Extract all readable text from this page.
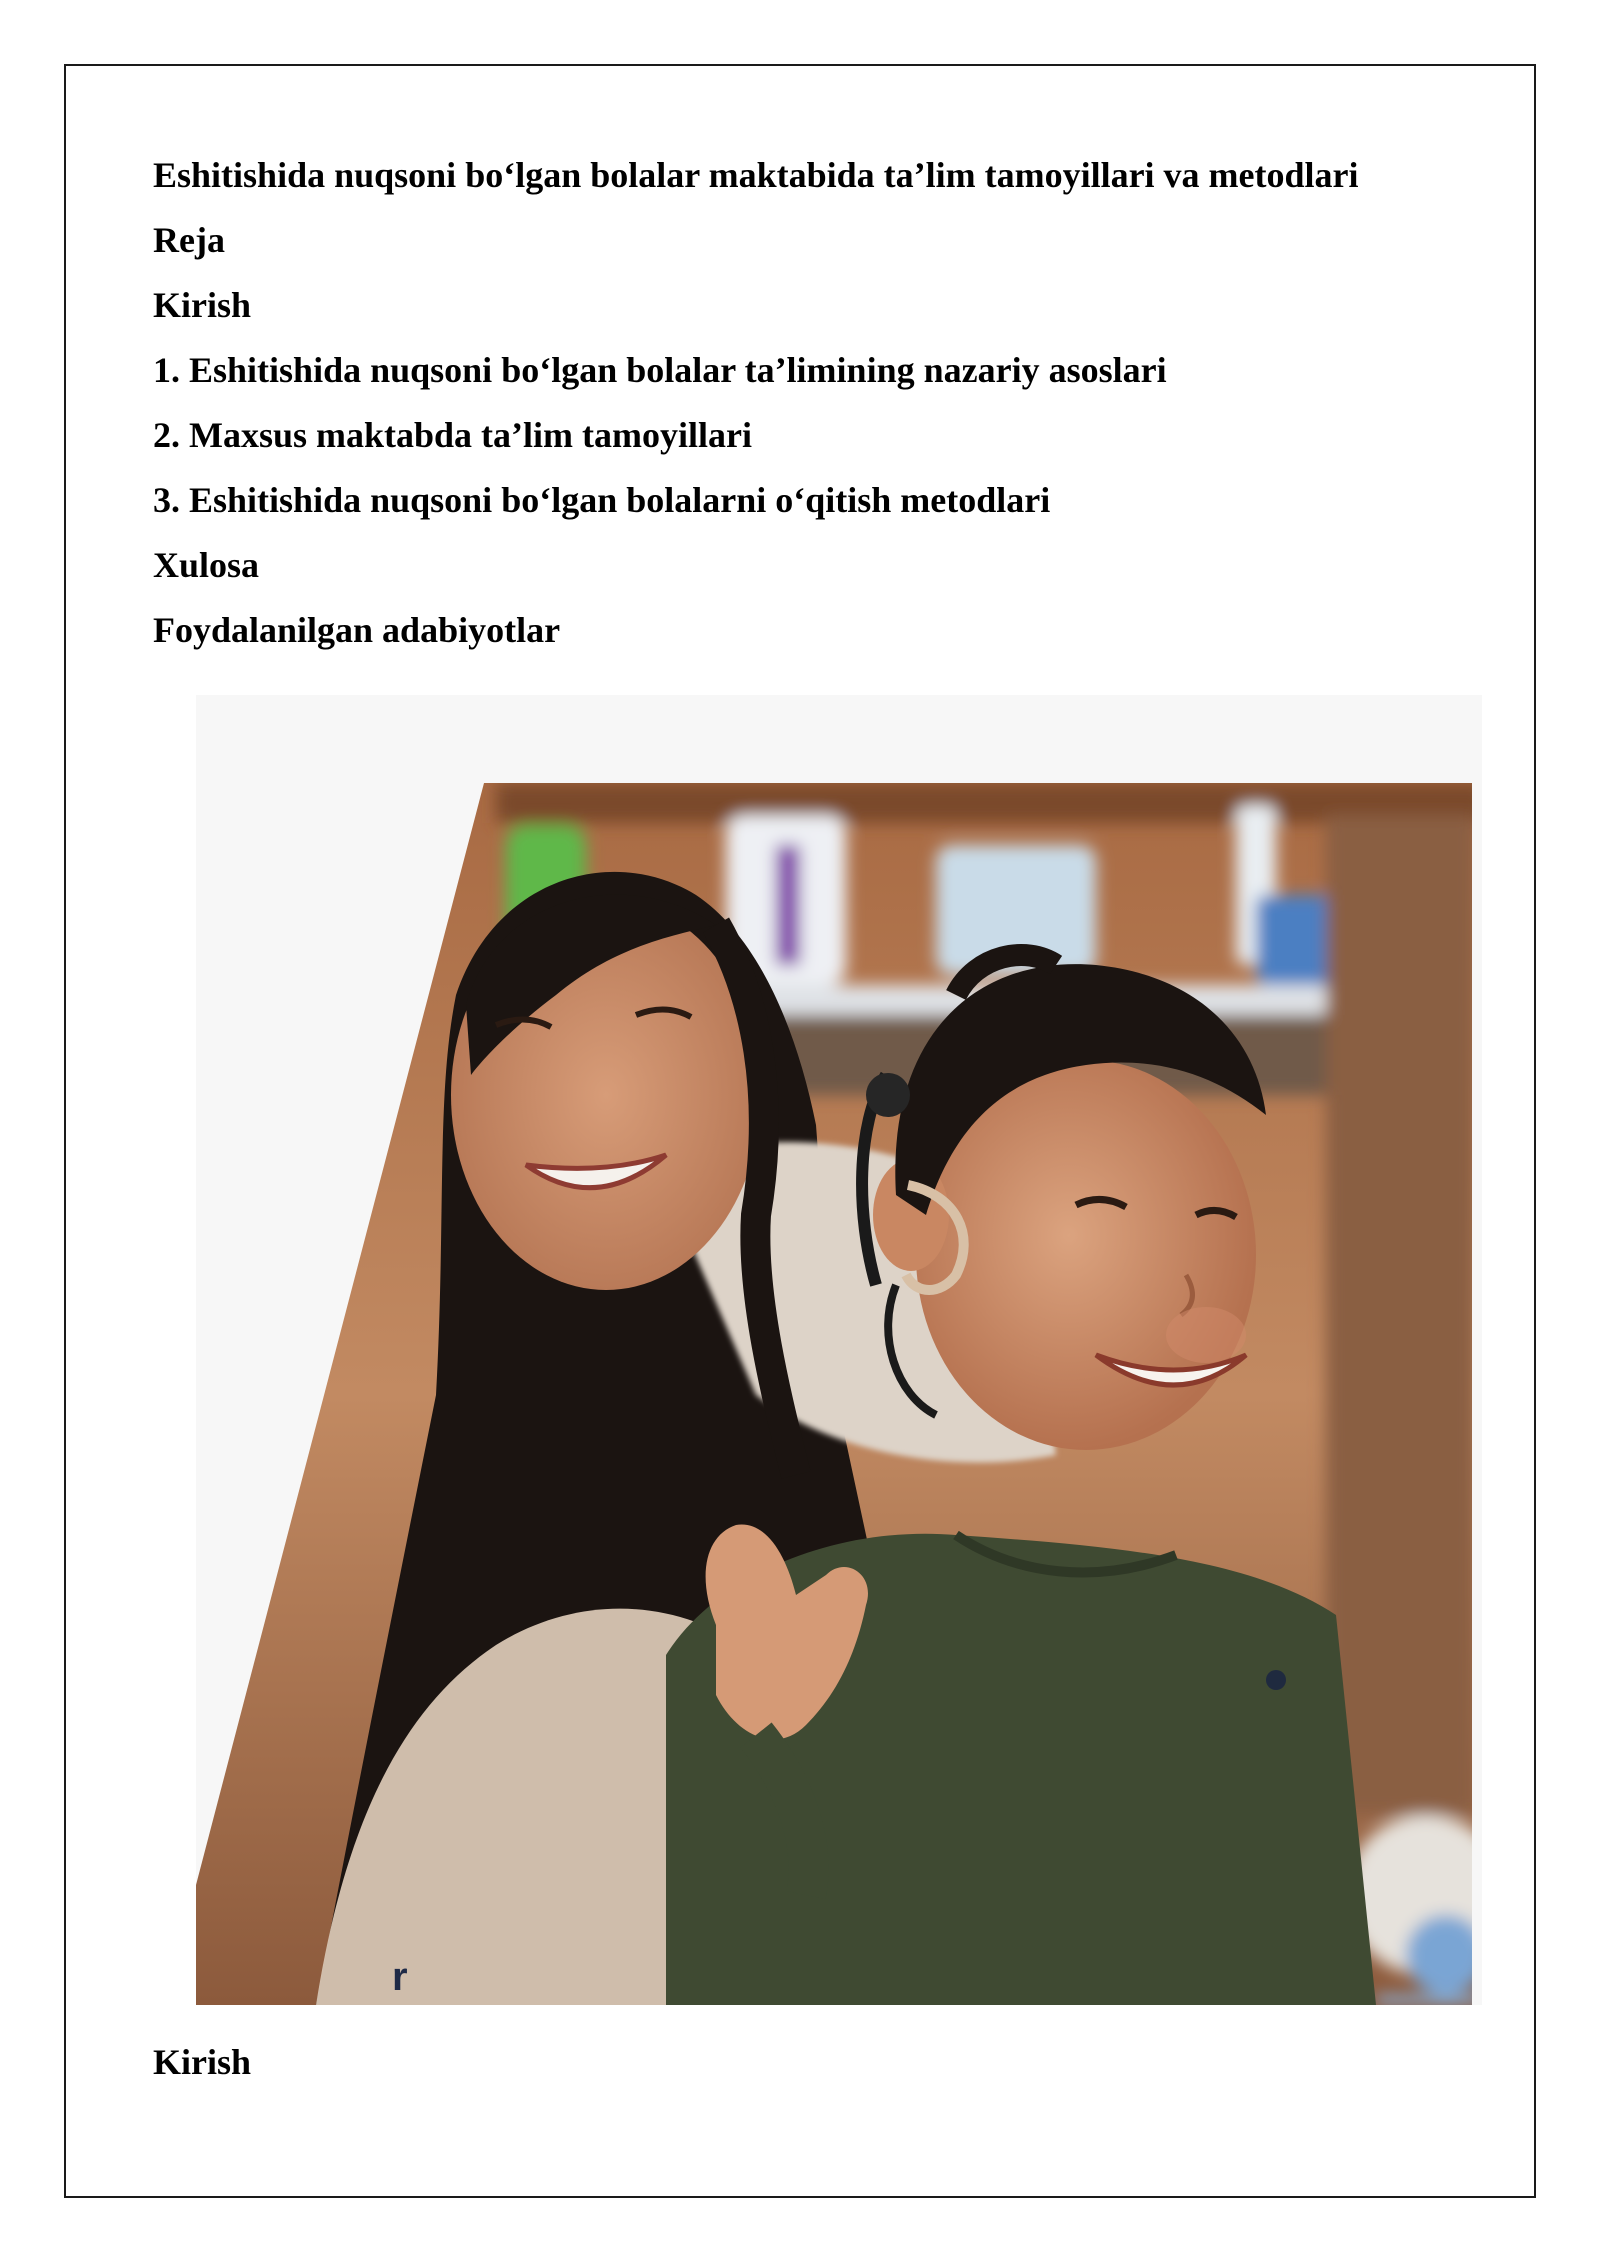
Eshitishida nuqsoni bo‘lgan bolalar maktabida ta’lim tamoyillari va metodlari
Reja
Kirish
1. Eshitishida nuqsoni bo‘lgan bolalar ta’limining nazariy asoslari
2. Maxsus maktabda ta’lim tamoyillari
3. Eshitishida nuqsoni bo‘lgan bolalarni o‘qitish metodlari
Xulosa
Foydalanilgan adabiyotlar
r
Kirish
